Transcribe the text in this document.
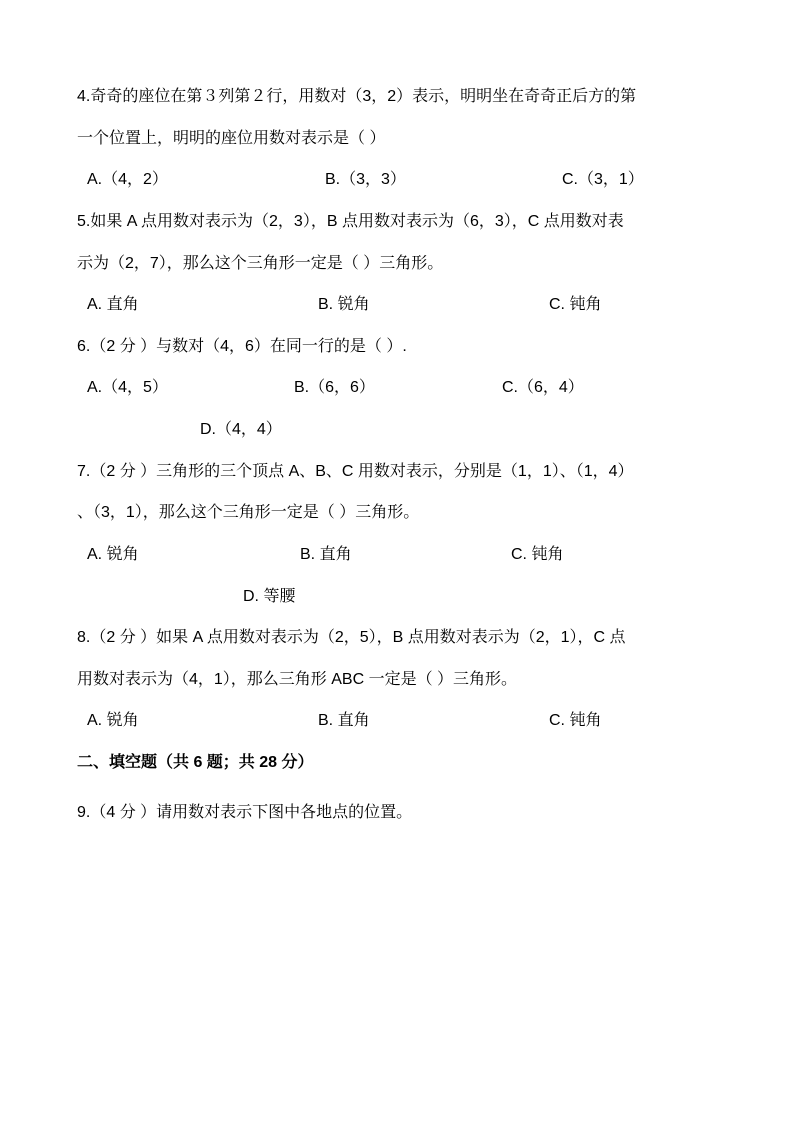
4.奇奇的座位在第３列第２行，用数对（3，2）表示，明明坐在奇奇正后方的第
一个位置上，明明的座位用数对表示是（ ）
A.（4，2）	B.（3，3）	C.（3，1）
5.如果 A 点用数对表示为（2，3），B 点用数对表示为（6，3），C 点用数对表
示为（2，7），那么这个三角形一定是（ ）三角形。
A. 直角	B. 锐角	C. 钝角
6.（2 分 ）与数对（4，6）在同一行的是（ ）.
A.（4，5）	B.（6，6）	C.（6，4）
D.（4，4）
7.（2 分 ）三角形的三个顶点 A、B、C 用数对表示，分别是（1，1）、（1，4）
、（3，1），那么这个三角形一定是（ ）三角形。
A. 锐角	B. 直角	C. 钝角
D. 等腰
8.（2 分 ）如果 A 点用数对表示为（2，5），B 点用数对表示为（2，1），C 点
用数对表示为（4，1），那么三角形 ABC 一定是（ ）三角形。
A. 锐角	B. 直角	C. 钝角
二、填空题（共 6 题；共 28 分）
9.（4 分 ）请用数对表示下图中各地点的位置。
